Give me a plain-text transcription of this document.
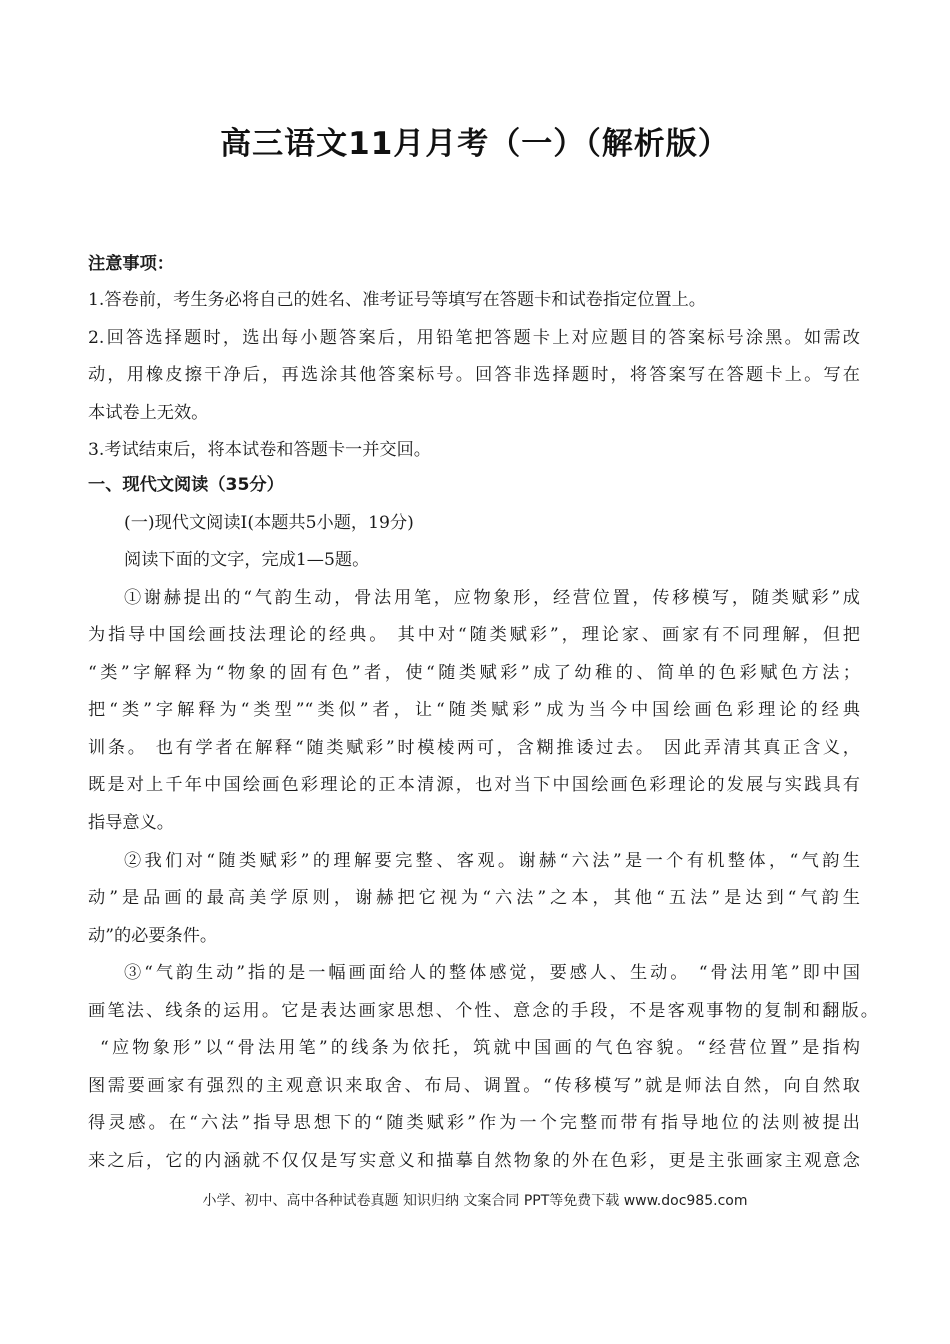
高三语文11月月考（一）（解析版）
注意事项：
1.答卷前，考生务必将自己的姓名、准考证号等填写在答题卡和试卷指定位置上。
2.回答选择题时，选出每小题答案后，用铅笔把答题卡上对应题目的答案标号涂黑。如需改
动，用橡皮擦干净后，再选涂其他答案标号。回答非选择题时，将答案写在答题卡上。写在
本试卷上无效。
3.考试结束后，将本试卷和答题卡一并交回。
一、现代文阅读（35分）
(一)现代文阅读Ⅰ(本题共5小题，19分)
阅读下面的文字，完成1—5题。
①谢赫提出的“气韵生动，骨法用笔，应物象形，经营位置，传移模写，随类赋彩”成
为指导中国绘画技法理论的经典。 其中对“随类赋彩”，理论家、画家有不同理解，但把
“类”字解释为“物象的固有色”者，使“随类赋彩”成了幼稚的、简单的色彩赋色方法；
把“类”字解释为“类型”“类似”者，让“随类赋彩”成为当今中国绘画色彩理论的经典
训条。 也有学者在解释“随类赋彩”时模棱两可，含糊推诿过去。 因此弄清其真正含义，
既是对上千年中国绘画色彩理论的正本清源，也对当下中国绘画色彩理论的发展与实践具有
指导意义。
②我们对“随类赋彩”的理解要完整、客观。谢赫“六法”是一个有机整体，“气韵生
动”是品画的最高美学原则，谢赫把它视为“六法”之本，其他“五法”是达到“气韵生
动”的必要条件。
③“气韵生动”指的是一幅画面给人的整体感觉，要感人、生动。 “骨法用笔”即中国
画笔法、线条的运用。它是表达画家思想、个性、意念的手段，不是客观事物的复制和翻版。
“应物象形”以“骨法用笔”的线条为依托，筑就中国画的气色容貌。“经营位置”是指构
图需要画家有强烈的主观意识来取舍、布局、调置。“传移模写”就是师法自然，向自然取
得灵感。在“六法”指导思想下的“随类赋彩”作为一个完整而带有指导地位的法则被提出
来之后，它的内涵就不仅仅是写实意义和描摹自然物象的外在色彩，更是主张画家主观意念
小学、初中、高中各种试卷真题 知识归纳 文案合同 PPT等免费下载 www.doc985.com
